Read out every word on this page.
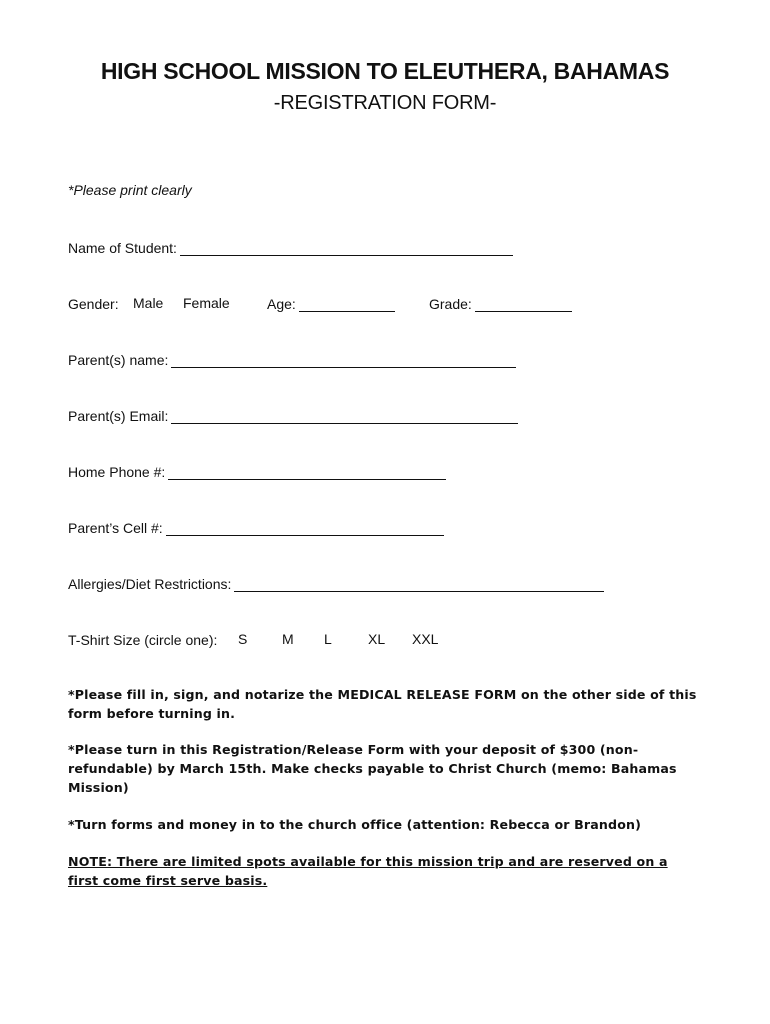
HIGH SCHOOL MISSION TO ELEUTHERA, BAHAMAS
-REGISTRATION FORM-
*Please print clearly
Name of Student:
Gender: Male Female	Age:	Grade:
Parent(s) name:
Parent(s) Email:
Home Phone #:
Parent’s Cell #:
Allergies/Diet Restrictions:
T-Shirt Size (circle one): S M L	XL XXL
*Please fill in, sign, and notarize the MEDICAL RELEASE FORM on the other side of this form before turning in.
*Please turn in this Registration/Release Form with your deposit of $300 (non-refundable) by March 15th. Make checks payable to Christ Church (memo: Bahamas Mission)
*Turn forms and money in to the church office (attention: Rebecca or Brandon)
NOTE: There are limited spots available for this mission trip and are reserved on a first come first serve basis.
